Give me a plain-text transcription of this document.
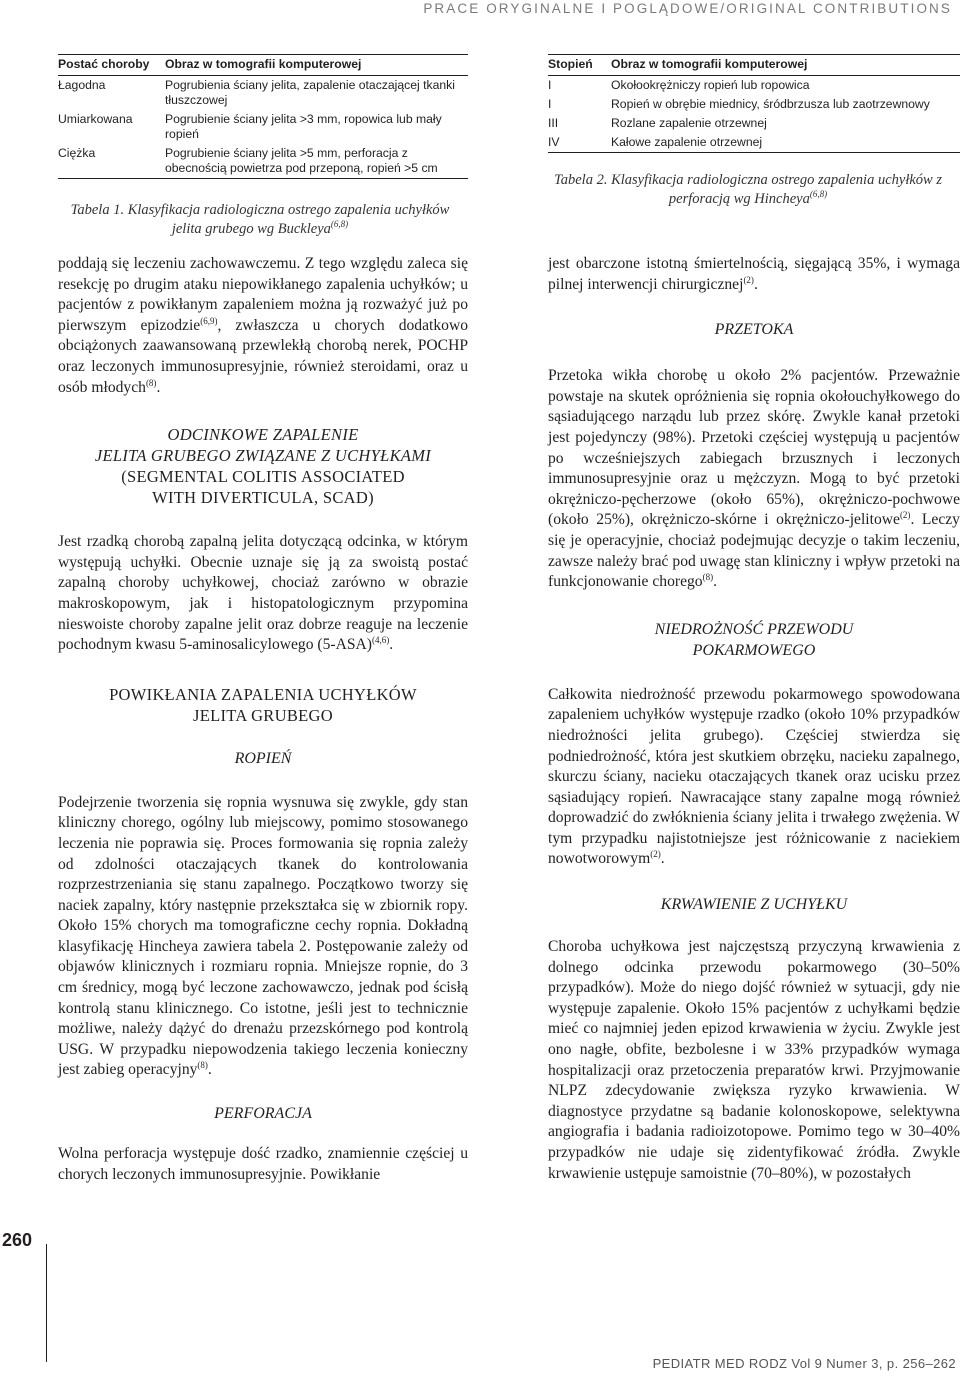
PRACE ORYGINALNE I POGLĄDOWE/ORIGINAL CONTRIBUTIONS
Postać choroby	Obraz w tomografii komputerowej
Łagodna	Pogrubienia ściany jelita, zapalenie otaczającej tkanki tłuszczowej
Umiarkowana	Pogrubienie ściany jelita >3 mm, ropowica lub mały ropień
Ciężka	Pogrubienie ściany jelita >5 mm, perforacja z obecnością powietrza pod przeponą, ropień >5 cm
Tabela 1. Klasyfikacja radiologiczna ostrego zapalenia uchyłków jelita grubego wg Buckleya$^{(6,8)}$

poddają się leczeniu zachowawczemu. Z tego względu zaleca się resekcję po drugim ataku niepowikłanego zapalenia uchyłków; u pacjentów z powikłanym zapaleniem można ją rozważyć już po pierwszym epizodzie$^{(6,9)}$, zwłaszcza u chorych dodatkowo obciążonych zaawansowaną przewlekłą chorobą nerek, POCHP oraz leczonych immunosupresyjnie, również steroidami, oraz u osób młodych$^{(8)}$.

ODCINKOWE ZAPALENIE
JELITA GRUBEGO ZWIĄZANE Z UCHYŁKAMI
(SEGMENTAL COLITIS ASSOCIATED
WITH DIVERTICULA, SCAD)

Jest rzadką chorobą zapalną jelita dotyczącą odcinka, w którym występują uchyłki. Obecnie uznaje się ją za swoistą postać zapalną choroby uchyłkowej, chociaż zarówno w obrazie makroskopowym, jak i histopatologicznym przypomina nieswoiste choroby zapalne jelit oraz dobrze reaguje na leczenie pochodnym kwasu 5-aminosalicylowego $(5-ASA)^{(4,6)}$.

POWIKŁANIA ZAPALENIA UCHYŁKÓW
JELITA GRUBEGO
ROPIEŃ

Podejrzenie tworzenia się ropnia wysnuwa się zwykle, gdy stan kliniczny chorego, ogólny lub miejscowy, pomimo stosowanego leczenia nie poprawia się. Proces formowania się ropnia zależy od zdolności otaczających tkanek do kontrolowania rozprzestrzeniania się stanu zapalnego. Początkowo tworzy się naciek zapalny, który następnie przekształca się w zbiornik ropy. Około 15% chorych ma tomograficzne cechy ropnia. Dokładną klasyfikację Hincheya zawiera tabela 2. Postępowanie zależy od objawów klinicznych i rozmiaru ropnia. Mniejsze ropnie, do 3 cm średnicy, mogą być leczone zachowawczo, jednak pod ścisłą kontrolą stanu klinicznego. Co istotne, jeśli jest to technicznie możliwe, należy dążyć do drenażu przezskórnego pod kontrolą USG. W przypadku niepowodzenia takiego leczenia konieczny jest zabieg operacyjny$^{(8)}$.

PERFORACJA

Wolna perforacja występuje dość rzadko, znamiennie częściej u chorych leczonych immunosupresyjnie. Powikłanie

Stopień	Obraz w tomografii komputerowej
I	Okołookrężniczy ropień lub ropowica
I	Ropień w obrębie miednicy, śródbrzusza lub zaotrzewnowy
III	Rozlane zapalenie otrzewnej
IV	Kałowe zapalenie otrzewnej
Tabela 2. Klasyfikacja radiologiczna ostrego zapalenia uchyłków z perforacją wg Hincheya$^{(6,8)}$

jest obarczone istotną śmiertelnością, sięgającą 35%, i wymaga pilnej interwencji chirurgicznej$^{(2)}$.

PRZETOKA

Przetoka wikła chorobę u około 2% pacjentów. Przeważnie powstaje na skutek opróżnienia się ropnia okołouchyłkowego do sąsiadującego narządu lub przez skórę. Zwykle kanał przetoki jest pojedynczy (98%). Przetoki częściej występują u pacjentów po wcześniejszych zabiegach brzusznych i leczonych immunosupresyjnie oraz u mężczyzn. Mogą to być przetoki okrężniczo-pęcherzowe (około 65%), okrężniczo-pochwowe (około 25%), okrężniczo-skórne i okrężniczo-jelitowe$^{(2)}$. Leczy się je operacyjnie, chociaż podejmując decyzje o takim leczeniu, zawsze należy brać pod uwagę stan kliniczny i wpływ przetoki na funkcjonowanie chorego$^{(8)}$.

NIEDROŻNOŚĆ PRZEWODU
POKARMOWEGO

Całkowita niedrożność przewodu pokarmowego spowodowana zapaleniem uchyłków występuje rzadko (około 10% przypadków niedrożności jelita grubego). Częściej stwierdza się podniedrożność, która jest skutkiem obrzęku, nacieku zapalnego, skurczu ściany, nacieku otaczających tkanek oraz ucisku przez sąsiadujący ropień. Nawracające stany zapalne mogą również doprowadzić do zwłóknienia ściany jelita i trwałego zwężenia. W tym przypadku najistotniejsze jest różnicowanie z naciekiem nowotworowym$^{(2)}$.

KRWAWIENIE Z UCHYŁKU

Choroba uchyłkowa jest najczęstszą przyczyną krwawienia z dolnego odcinka przewodu pokarmowego (30–50% przypadków). Może do niego dojść również w sytuacji, gdy nie występuje zapalenie. Około 15% pacjentów z uchyłkami będzie mieć co najmniej jeden epizod krwawienia w życiu. Zwykle jest ono nagłe, obfite, bezbolesne i w 33% przypadków wymaga hospitalizacji oraz przetoczenia preparatów krwi. Przyjmowanie NLPZ zdecydowanie zwiększa ryzyko krwawienia. W diagnostyce przydatne są badanie kolonoskopowe, selektywna angiografia i badania radioizotopowe. Pomimo tego w 30–40% przypadków nie udaje się zidentyfikować źródła. Zwykle krwawienie ustępuje samoistnie (70–80%), w pozostałych

260
PEDIATR MED RODZ Vol 9 Numer 3, p. 256–262
